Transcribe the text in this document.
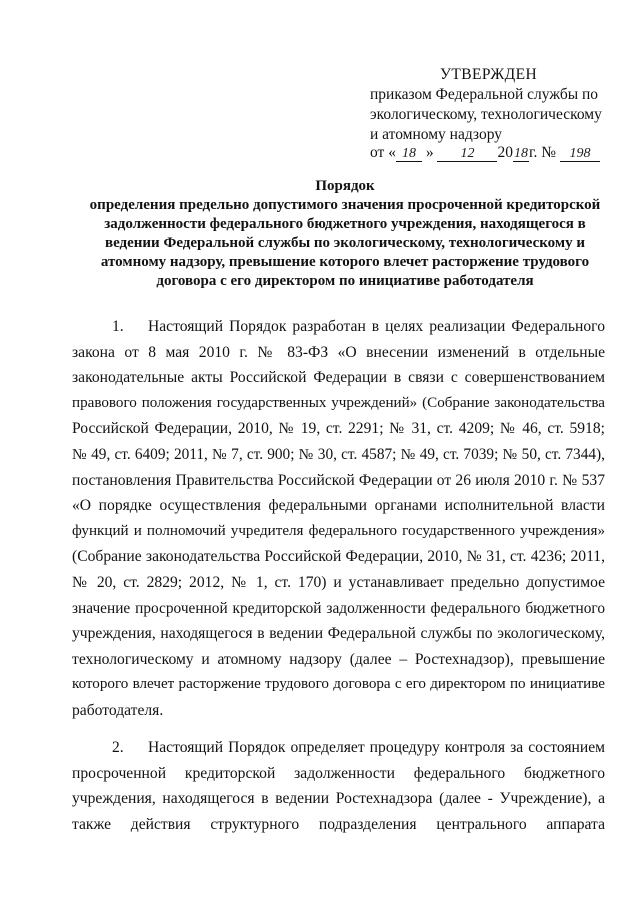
УТВЕРЖДЕН
приказом Федеральной службы по
экологическому, технологическому
и атомному надзору
от « 18 » 12 2018г. № 198
Порядок
определения предельно допустимого значения просроченной кредиторской
задолженности федерального бюджетного учреждения, находящегося в
ведении Федеральной службы по экологическому, технологическому и
атомному надзору, превышение которого влечет расторжение трудового
договора с его директором по инициативе работодателя
1.	Настоящий Порядок разработан в целях реализации Федерального
закона от 8 мая 2010 г. № 83-ФЗ «О внесении изменений в отдельные
законодательные акты Российской Федерации в связи с совершенствованием
правового положения государственных учреждений» (Собрание законодательства
Российской Федерации, 2010, № 19, ст. 2291; № 31, ст. 4209; № 46, ст. 5918;
№ 49, ст. 6409; 2011, № 7, ст. 900; № 30, ст. 4587; № 49, ст. 7039; № 50, ст. 7344),
постановления Правительства Российской Федерации от 26 июля 2010 г. № 537
«О порядке осуществления федеральными органами исполнительной власти
функций и полномочий учредителя федерального государственного учреждения»
(Собрание законодательства Российской Федерации, 2010, № 31, ст. 4236; 2011,
№ 20, ст. 2829; 2012, № 1, ст. 170) и устанавливает предельно допустимое
значение просроченной кредиторской задолженности федерального бюджетного
учреждения, находящегося в ведении Федеральной службы по экологическому,
технологическому и атомному надзору (далее – Ростехнадзор), превышение
которого влечет расторжение трудового договора с его директором по инициативе
работодателя.
2.	Настоящий Порядок определяет процедуру контроля за состоянием
просроченной кредиторской задолженности федерального бюджетного
учреждения, находящегося в ведении Ростехнадзора (далее - Учреждение), а
также действия структурного подразделения центрального аппарата
